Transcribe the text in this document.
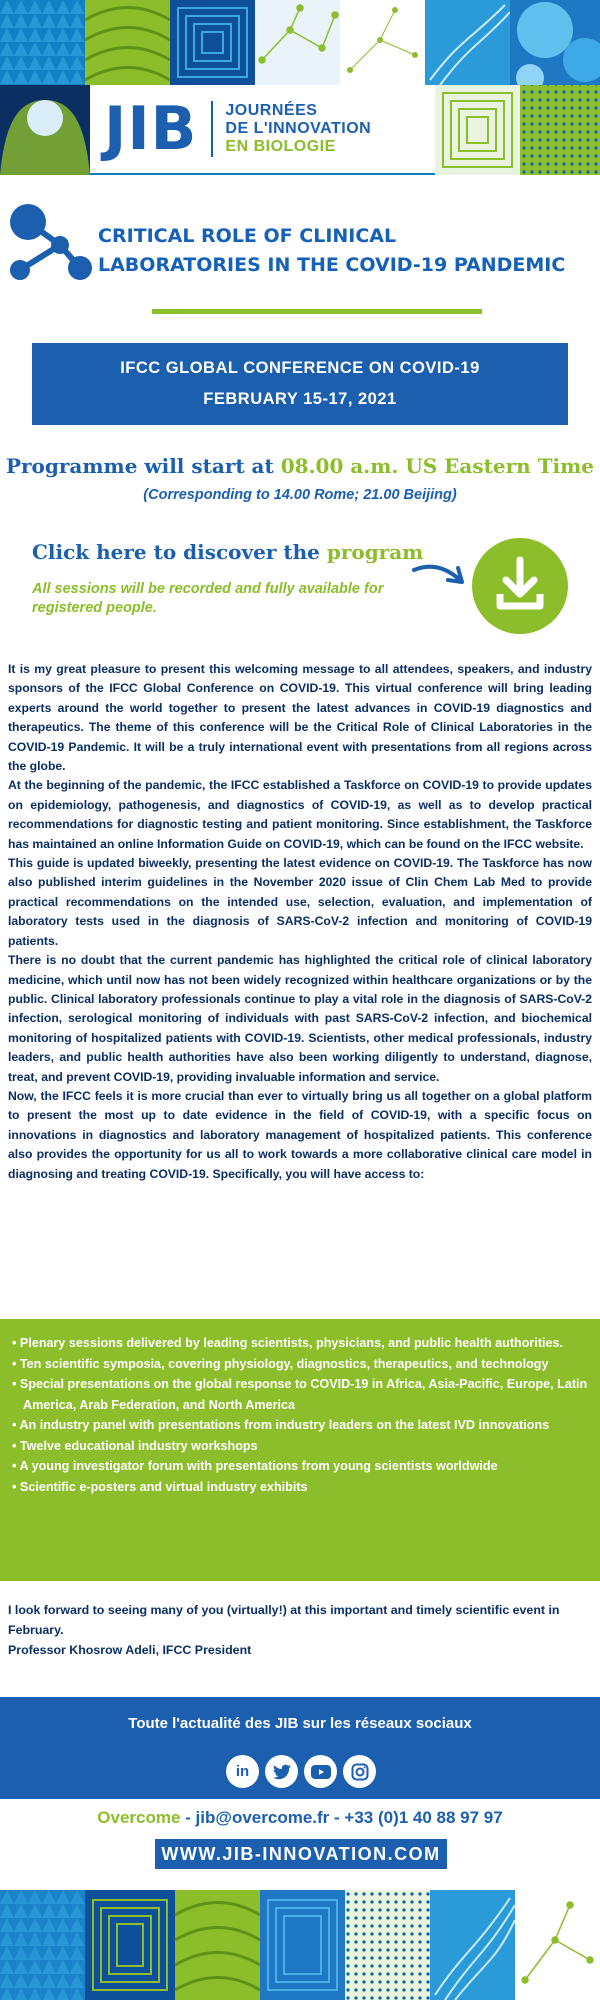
JIB JOURNÉES
DE L'INNOVATION
EN BIOLOGIE
CRITICAL ROLE OF CLINICAL
LABORATORIES IN THE COVID-19 PANDEMIC
IFCC GLOBAL CONFERENCE ON COVID-19
FEBRUARY 15-17, 2021
Programme will start at 08.00 a.m. US Eastern Time
(Corresponding to 14.00 Rome; 21.00 Beijing)
Click here to discover the program
All sessions will be recorded and fully available for registered people.

It is my great pleasure to present this welcoming message to all attendees, speakers, and industry sponsors of the IFCC Global Conference on COVID-19. This virtual conference will bring leading experts around the world together to present the latest advances in COVID-19 diagnostics and therapeutics. The theme of this conference will be the Critical Role of Clinical Laboratories in the COVID-19 Pandemic. It will be a truly international event with presentations from all regions across the globe.

At the beginning of the pandemic, the IFCC established a Taskforce on COVID-19 to provide updates on epidemiology, pathogenesis, and diagnostics of COVID-19, as well as to develop practical recommendations for diagnostic testing and patient monitoring. Since establishment, the Taskforce has maintained an online Information Guide on COVID-19, which can be found on the IFCC website.

This guide is updated biweekly, presenting the latest evidence on COVID-19. The Taskforce has now also published interim guidelines in the November 2020 issue of Clin Chem Lab Med to provide practical recommendations on the intended use, selection, evaluation, and implementation of laboratory tests used in the diagnosis of SARS-CoV-2 infection and monitoring of COVID-19 patients.

There is no doubt that the current pandemic has highlighted the critical role of clinical laboratory medicine, which until now has not been widely recognized within healthcare organizations or by the public. Clinical laboratory professionals continue to play a vital role in the diagnosis of SARS-CoV-2 infection, serological monitoring of individuals with past SARS-CoV-2 infection, and biochemical monitoring of hospitalized patients with COVID-19. Scientists, other medical professionals, industry leaders, and public health authorities have also been working diligently to understand, diagnose, treat, and prevent COVID-19, providing invaluable information and service.

Now, the IFCC feels it is more crucial than ever to virtually bring us all together on a global platform to present the most up to date evidence in the field of COVID-19, with a specific focus on innovations in diagnostics and laboratory management of hospitalized patients. This conference also provides the opportunity for us all to work towards a more collaborative clinical care model in diagnosing and treating COVID-19. Specifically, you will have access to:

• Plenary sessions delivered by leading scientists, physicians, and public health authorities.
• Ten scientific symposia, covering physiology, diagnostics, therapeutics, and technology
• Special presentations on the global response to COVID-19 in Africa, Asia-Pacific, Europe, Latin America, Arab Federation, and North America
• An industry panel with presentations from industry leaders on the latest IVD innovations
• Twelve educational industry workshops
• A young investigator forum with presentations from young scientists worldwide
• Scientific e-posters and virtual industry exhibits

I look forward to seeing many of you (virtually!) at this important and timely scientific event in February.

Professor Khosrow Adeli, IFCC President

Toute l'actualité des JIB sur les réseaux sociaux
in
Overcome - jib@overcome.fr - +33 (0)1 40 88 97 97
WWW.JIB-INNOVATION.COM
